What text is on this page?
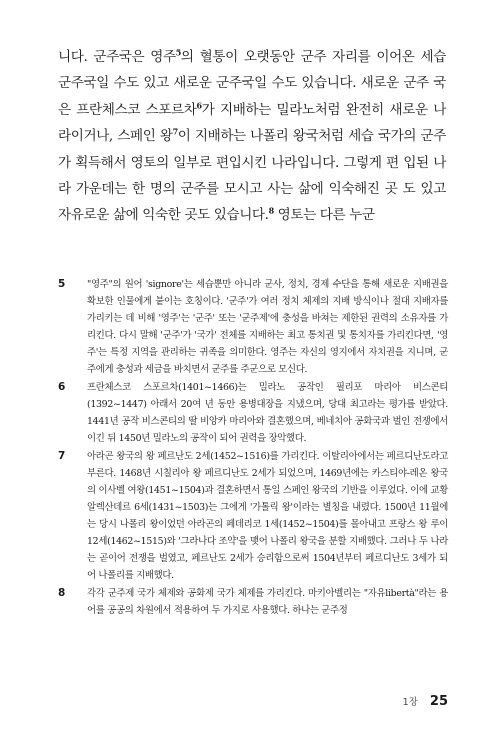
니다. 군주국은 영주$^5$의 혈통이 오랫동안 군주 자리를 이어온 세습 군주국일 수도 있고 새로운 군주국일 수도 있습니다. 새로운 군주 국은 프란체스코 스포르차$^6$가 지배하는 밀라노처럼 완전히 새로운 나라이거나, 스페인 왕$^7$이 지배하는 나폴리 왕국처럼 세습 국가의 군주가 획득해서 영토의 일부로 편입시킨 나라입니다. 그렇게 편 입된 나라 가운데는 한 명의 군주를 모시고 사는 삶에 익숙해진 곳 도 있고 자유로운 삶에 익숙한 곳도 있습니다.$^8$ 영토는 다른 누군

5	"영주"의 원어 'signore'는 세습뿐만 아니라 군사, 정치, 경제 수단을 통해 새로운 지배권을 확보한 인물에게 붙이는 호칭이다. '군주'가 여러 정치 체제의 지배 방식이나 절대 지배자를 가리키는 데 비해 '영주'는 '군주' 또는 '군주제'에 충성을 바쳐는 제한된 권력의 소유자를 가리킨다. 다시 말해 '군주'가 '국가' 전체를 지배하는 최고 통치권 및 통치자를 가리킨다면, '영주'는 특정 지역을 관리하는 귀족을 의미한다. 영주는 자신의 영지에서 자치권을 지니며, 군주에게 충성과 세금을 바치면서 군주를 주군으로 모신다.
6	프란체스코 스포르차(1401~1466)는 밀라노 공작인 필리포 마리아 비스콘티(1392~1447) 아래서 20여 년 동안 용병대장을 지냈으며, 당대 최고라는 평가를 받았다. 1441년 공작 비스콘티의 딸 비앙카 마리아와 결혼했으며, 베네치아 공화국과 벌인 전쟁에서 이긴 뒤 1450년 밀라노의 공작이 되어 권력을 장악했다.
7	아라곤 왕국의 왕 페르난도 2세(1452~1516)를 가리킨다. 이탈리아에서는 페르디난도라고 부른다. 1468년 시칠리아 왕 페르디난도 2세가 되었으며, 1469년에는 카스티야-레온 왕국의 이사벨 여왕(1451~1504)과 결혼하면서 통일 스페인 왕국의 기반을 이루었다. 이에 교황 알렉산데르 6세(1431~1503)는 그에게 '가톨릭 왕'이라는 별칭을 내렸다. 1500년 11월에는 당시 나폴리 왕이었던 아라곤의 페데리코 1세(1452~1504)를 몰아내고 프랑스 왕 루이 12세(1462~1515)와 '그라나다 조약'을 맺어 나폴리 왕국을 분할 지배했다. 그러나 두 나라는 곧이어 전쟁을 벌였고, 페르난도 2세가 승리함으로써 1504년부터 페르디난도 3세가 되어 나폴리를 지배했다.
8	각각 군주제 국가 체제와 공화제 국가 체제를 가리킨다. 마키아벨리는 "자유libertà"라는 용어를 공공의 차원에서 적용하여 두 가지로 사용했다. 하나는 군주정
1장 25
